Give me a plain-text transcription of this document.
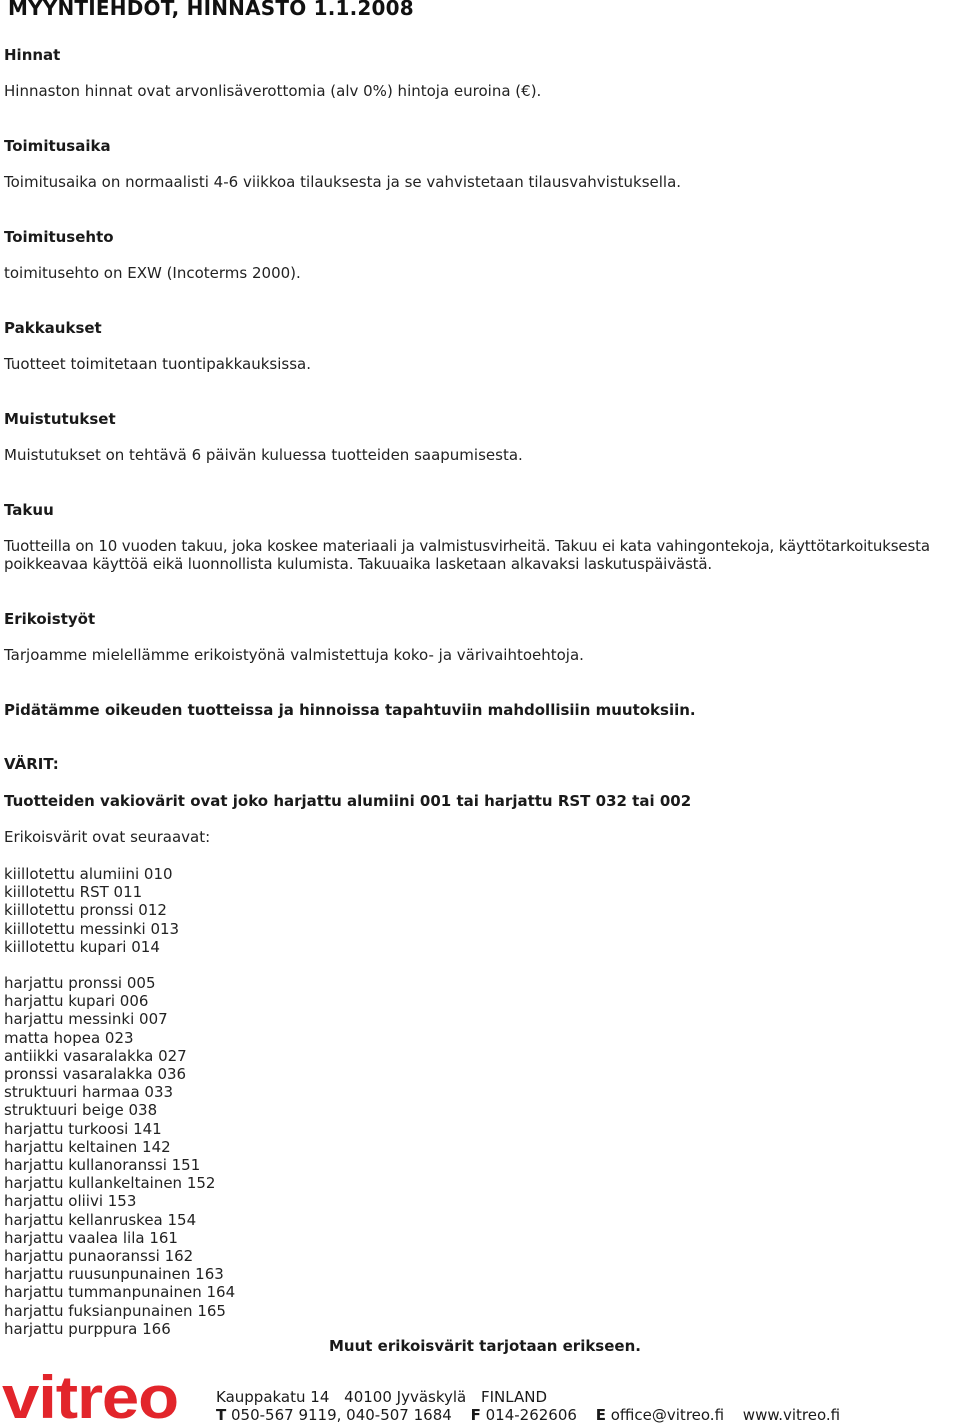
MYYNTIEHDOT, HINNASTO 1.1.2008
Hinnat
Hinnaston hinnat ovat arvonlisäverottomia (alv 0%) hintoja euroina (€).
Toimitusaika
Toimitusaika on normaalisti 4-6 viikkoa tilauksesta ja se vahvistetaan tilausvahvistuksella.
Toimitusehto
toimitusehto on EXW (Incoterms 2000).
Pakkaukset
Tuotteet toimitetaan tuontipakkauksissa.
Muistutukset
Muistutukset on tehtävä 6 päivän kuluessa tuotteiden saapumisesta.
Takuu
Tuotteilla on 10 vuoden takuu, joka koskee materiaali ja valmistusvirheitä. Takuu ei kata vahingontekoja, käyttötarkoituksesta poikkeavaa käyttöä eikä luonnollista kulumista. Takuuaika lasketaan alkavaksi laskutuspäivästä.
Erikoistyöt
Tarjoamme mielellämme erikoistyönä valmistettuja koko- ja värivaihtoehtoja.
Pidätämme oikeuden tuotteissa ja hinnoissa tapahtuviin mahdollisiin muutoksiin.
VÄRIT:
Tuotteiden vakiovärit ovat joko harjattu alumiini 001 tai harjattu RST 032 tai 002
Erikoisvärit ovat seuraavat:
kiillotettu alumiini 010
kiillotettu RST 011
kiillotettu pronssi 012
kiillotettu messinki 013
kiillotettu kupari 014
harjattu pronssi 005
harjattu kupari 006
harjattu messinki 007
matta hopea 023
antiikki vasaralakka 027
pronssi vasaralakka 036
struktuuri harmaa 033
struktuuri beige 038
harjattu turkoosi 141
harjattu keltainen 142
harjattu kullanoranssi 151
harjattu kullankeltainen 152
harjattu oliivi 153
harjattu kellanruskea 154
harjattu vaalea lila 161
harjattu punaoranssi 162
harjattu ruusunpunainen 163
harjattu tummanpunainen 164
harjattu fuksianpunainen 165
harjattu purppura 166
Muut erikoisvärit tarjotaan erikseen.
vitreo	Kauppakatu 14 40100 Jyväskylä FINLAND
T 050-567 9119, 040-507 1684 F 014-262606 E office@vitreo.fi www.vitreo.fi
